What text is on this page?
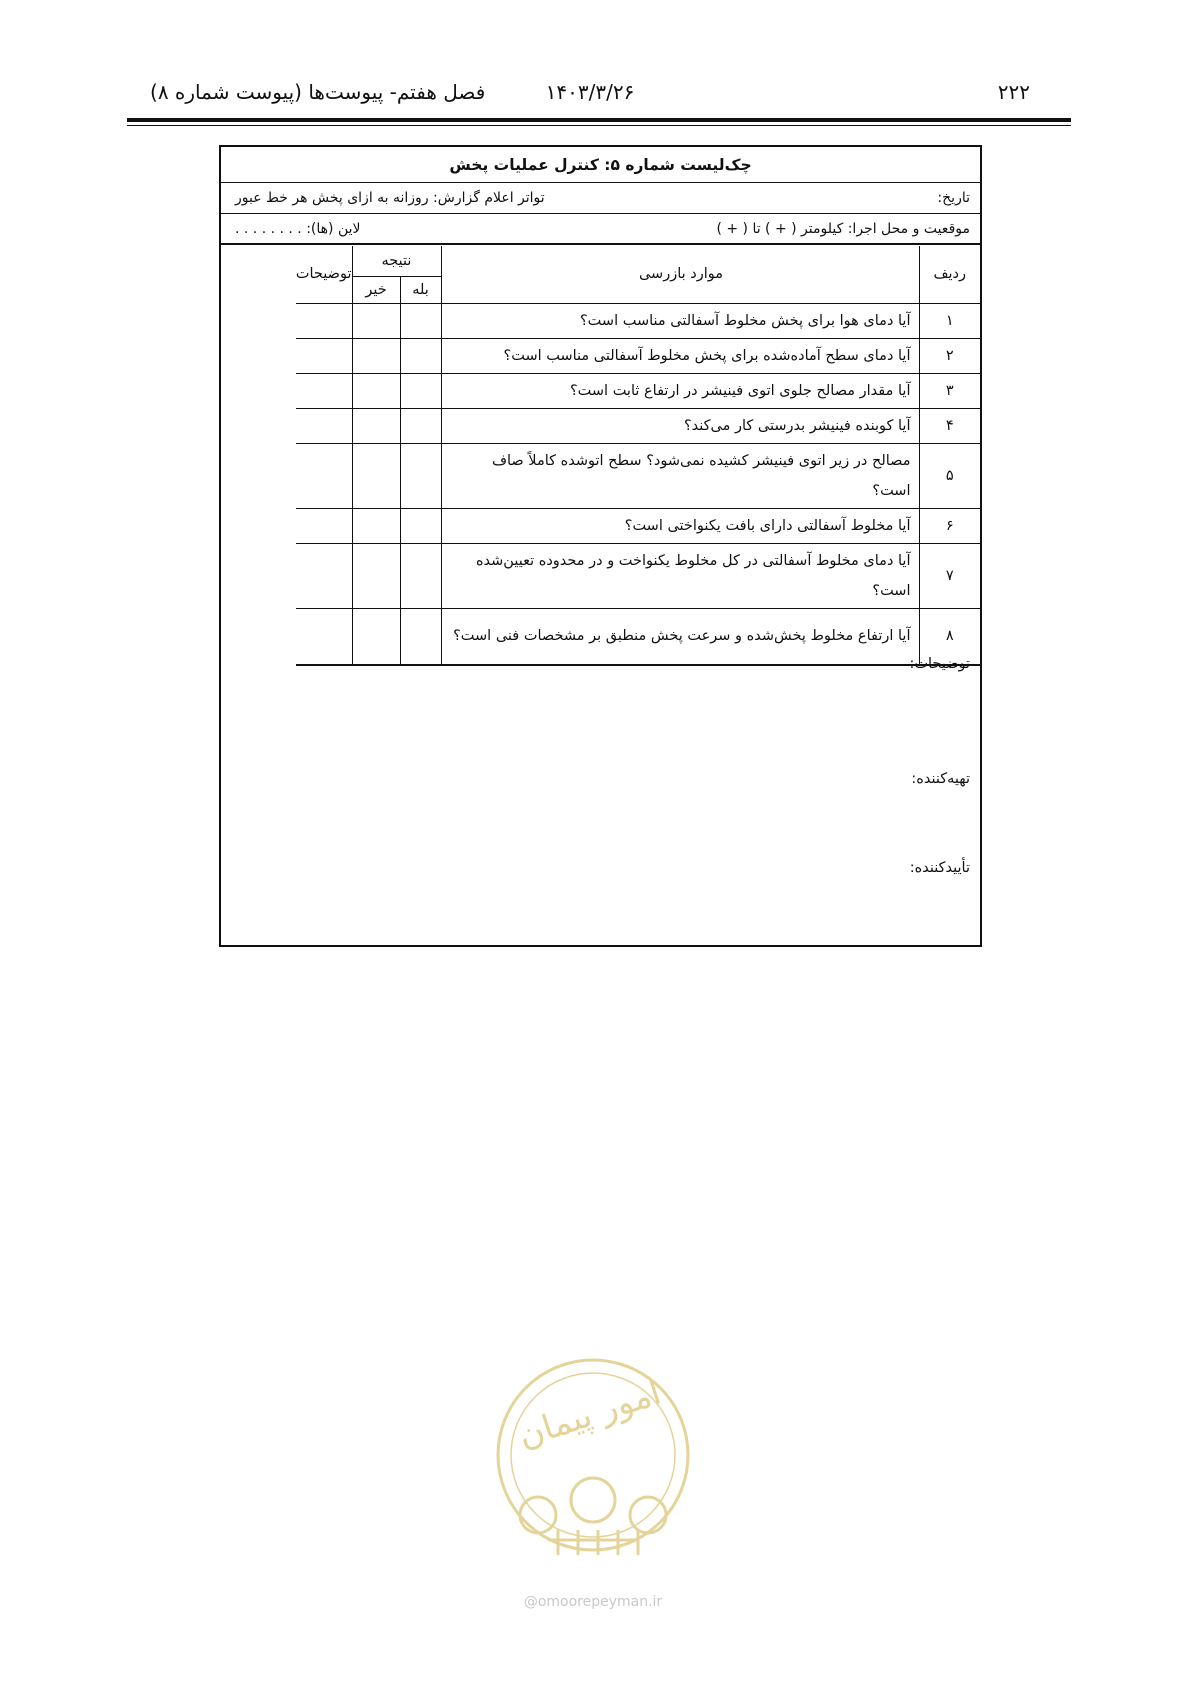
۲۲۲
۱۴۰۳/۳/۲۶
فصل هفتم- پیوست‌ها (پیوست شماره ۸)
چک‌لیست شماره ۵: کنترل عملیات پخش
تاریخ:
تواتر اعلام گزارش: روزانه به ازای پخش هر خط عبور
موقعیت و محل اجرا: کیلومتر ( + ) تا ( + )
لاین (ها): . . . . . . . .
ردیف	موارد بازرسی	نتیجه		توضیحات
		بله	خیر	
۱	آیا دمای هوا برای پخش مخلوط آسفالتی مناسب است؟			
۲	آیا دمای سطح آماده‌شده برای پخش مخلوط آسفالتی مناسب است؟			
۳	آیا مقدار مصالح جلوی اتوی فینیشر در ارتفاع ثابت است؟			
۴	آیا کوبنده فینیشر بدرستی کار می‌کند؟			
۵	مصالح در زیر اتوی فینیشر کشیده نمی‌شود؟ سطح اتوشده کاملاً صاف است؟			
۶	آیا مخلوط آسفالتی دارای بافت یکنواختی است؟			
۷	آیا دمای مخلوط آسفالتی در کل مخلوط یکنواخت و در محدوده تعیین‌شده است؟			
۸	آیا ارتفاع مخلوط پخش‌شده و سرعت پخش منطبق بر مشخصات فنی است؟			
توضیحات:
تهیه‌کننده:
تأییدکننده:
امور پیمان
@omoorepeyman.ir
